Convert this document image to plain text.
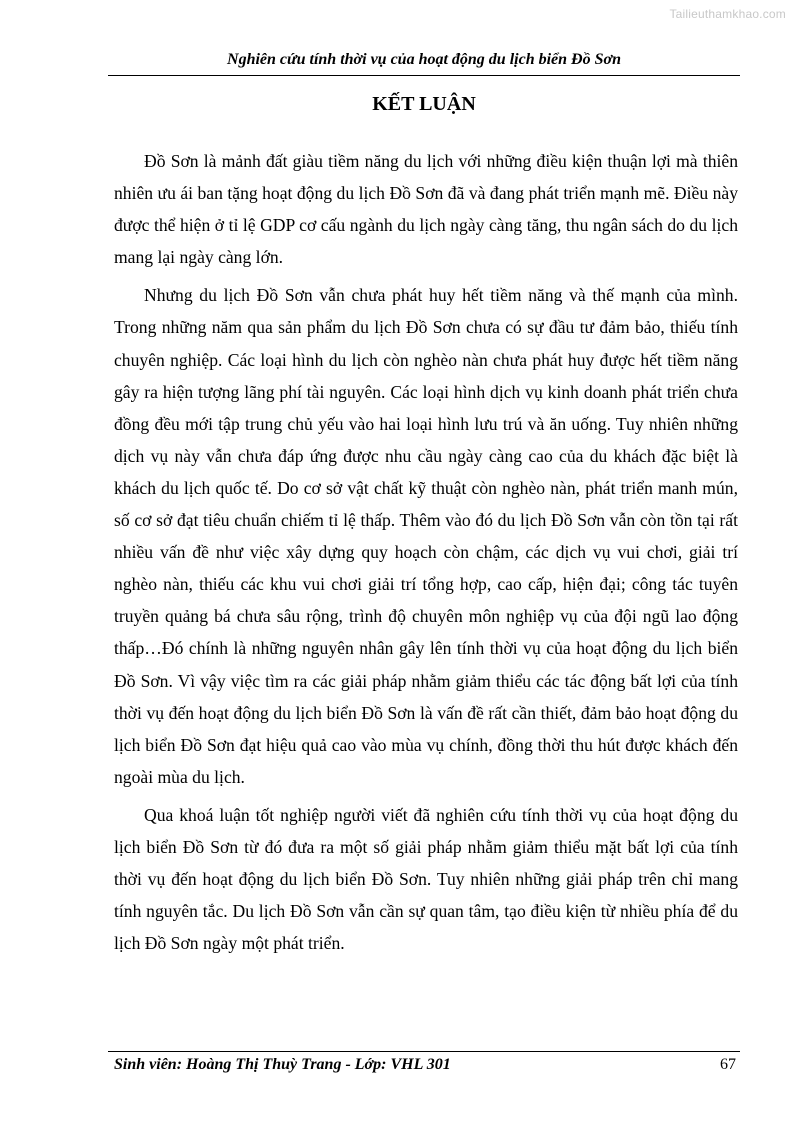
Tailieuthamkhao.com
Nghiên cứu tính thời vụ của hoạt động du lịch biển Đồ Sơn
KẾT LUẬN

Đồ Sơn là mảnh đất giàu tiềm năng du lịch với những điều kiện thuận lợi mà thiên nhiên ưu ái ban tặng hoạt động du lịch Đồ Sơn đã và đang phát triển mạnh mẽ. Điều này được thể hiện ở tỉ lệ GDP cơ cấu ngành du lịch ngày càng tăng, thu ngân sách do du lịch mang lại ngày càng lớn.

Nhưng du lịch Đồ Sơn vẫn chưa phát huy hết tiềm năng và thế mạnh của mình. Trong những năm qua sản phẩm du lịch Đồ Sơn chưa có sự đầu tư đảm bảo, thiếu tính chuyên nghiệp. Các loại hình du lịch còn nghèo nàn chưa phát huy được hết tiềm năng gây ra hiện tượng lãng phí tài nguyên. Các loại hình dịch vụ kinh doanh phát triển chưa đồng đều mới tập trung chủ yếu vào hai loại hình lưu trú và ăn uống. Tuy nhiên những dịch vụ này vẫn chưa đáp ứng được nhu cầu ngày càng cao của du khách đặc biệt là khách du lịch quốc tế. Do cơ sở vật chất kỹ thuật còn nghèo nàn, phát triển manh mún, số cơ sở đạt tiêu chuẩn chiếm tỉ lệ thấp. Thêm vào đó du lịch Đồ Sơn vẫn còn tồn tại rất nhiều vấn đề như việc xây dựng quy hoạch còn chậm, các dịch vụ vui chơi, giải trí nghèo nàn, thiếu các khu vui chơi giải trí tổng hợp, cao cấp, hiện đại; công tác tuyên truyền quảng bá chưa sâu rộng, trình độ chuyên môn nghiệp vụ của đội ngũ lao động thấp…Đó chính là những nguyên nhân gây lên tính thời vụ của hoạt động du lịch biển Đồ Sơn. Vì vậy việc tìm ra các giải pháp nhằm giảm thiểu các tác động bất lợi của tính thời vụ đến hoạt động du lịch biển Đồ Sơn là vấn đề rất cần thiết, đảm bảo hoạt động du lịch biển Đồ Sơn đạt hiệu quả cao vào mùa vụ chính, đồng thời thu hút được khách đến ngoài mùa du lịch.

Qua khoá luận tốt nghiệp người viết đã nghiên cứu tính thời vụ của hoạt động du lịch biển Đồ Sơn từ đó đưa ra một số giải pháp nhằm giảm thiểu mặt bất lợi của tính thời vụ đến hoạt động du lịch biển Đồ Sơn. Tuy nhiên những giải pháp trên chỉ mang tính nguyên tắc. Du lịch Đồ Sơn vẫn cần sự quan tâm, tạo điều kiện từ nhiều phía để du lịch Đồ Sơn ngày một phát triển.

Sinh viên: Hoàng Thị Thuỳ Trang - Lớp: VHL 301	67
